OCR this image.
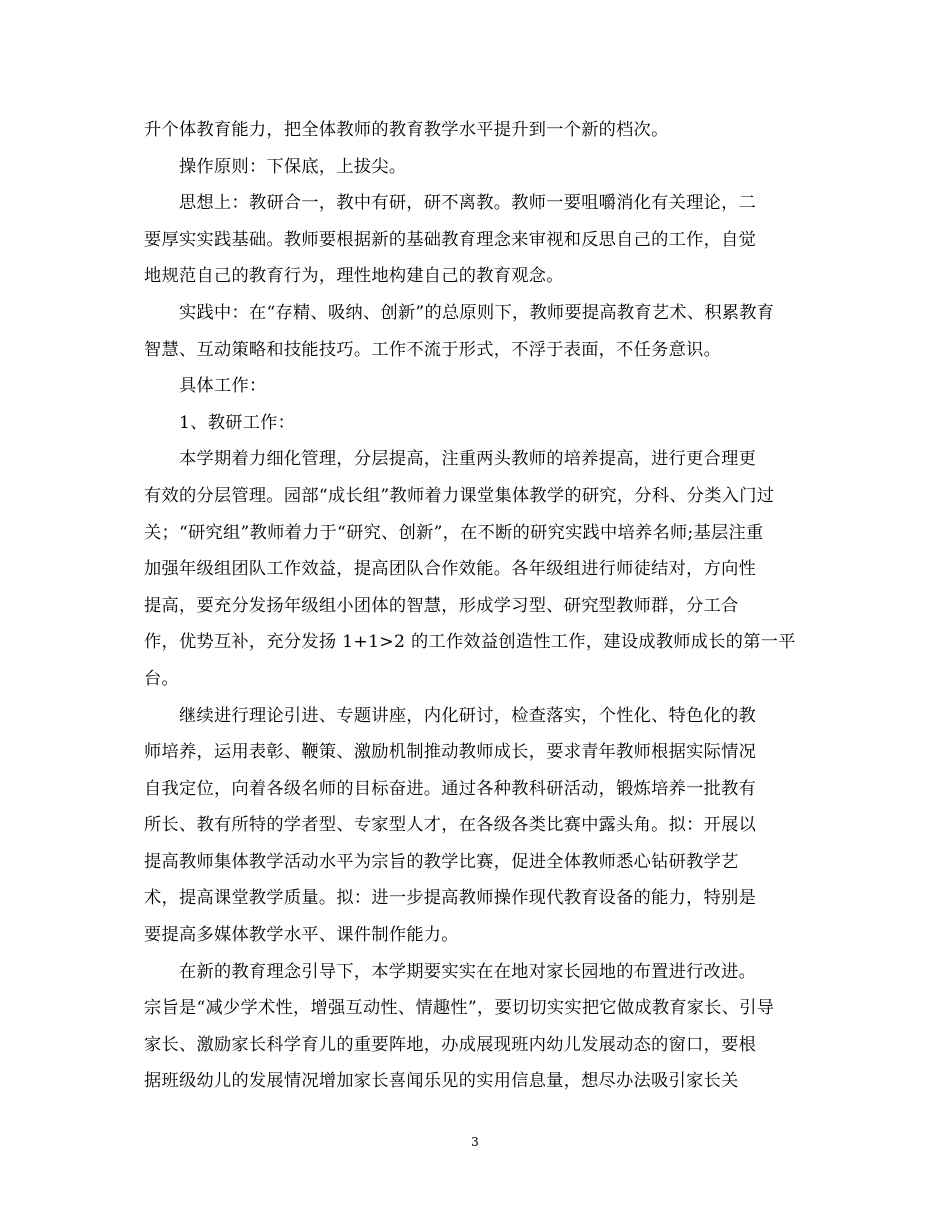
升个体教育能力，把全体教师的教育教学水平提升到一个新的档次。
操作原则：下保底，上拔尖。
思想上：教研合一，教中有研，研不离教。教师一要咀嚼消化有关理论，二
要厚实实践基础。教师要根据新的基础教育理念来审视和反思自己的工作，自觉
地规范自己的教育行为，理性地构建自己的教育观念。
实践中：在“存精、吸纳、创新”的总原则下，教师要提高教育艺术、积累教育
智慧、互动策略和技能技巧。工作不流于形式，不浮于表面，不任务意识。
具体工作：
1、教研工作：
本学期着力细化管理，分层提高，注重两头教师的培养提高，进行更合理更
有效的分层管理。园部“成长组”教师着力课堂集体教学的研究，分科、分类入门过
关；“研究组”教师着力于“研究、创新”，在不断的研究实践中培养名师;基层注重
加强年级组团队工作效益，提高团队合作效能。各年级组进行师徒结对，方向性
提高，要充分发扬年级组小团体的智慧，形成学习型、研究型教师群，分工合
作，优势互补，充分发扬 1+1>2 的工作效益创造性工作，建设成教师成长的第一平
台。
继续进行理论引进、专题讲座，内化研讨，检查落实，个性化、特色化的教
师培养，运用表彰、鞭策、激励机制推动教师成长，要求青年教师根据实际情况
自我定位，向着各级名师的目标奋进。通过各种教科研活动，锻炼培养一批教有
所长、教有所特的学者型、专家型人才，在各级各类比赛中露头角。拟：开展以
提高教师集体教学活动水平为宗旨的教学比赛，促进全体教师悉心钻研教学艺
术，提高课堂教学质量。拟：进一步提高教师操作现代教育设备的能力，特别是
要提高多媒体教学水平、课件制作能力。
在新的教育理念引导下，本学期要实实在在地对家长园地的布置进行改进。
宗旨是“减少学术性，增强互动性、情趣性”，要切切实实把它做成教育家长、引导
家长、激励家长科学育儿的重要阵地，办成展现班内幼儿发展动态的窗口，要根
据班级幼儿的发展情况增加家长喜闻乐见的实用信息量，想尽办法吸引家长关
3
